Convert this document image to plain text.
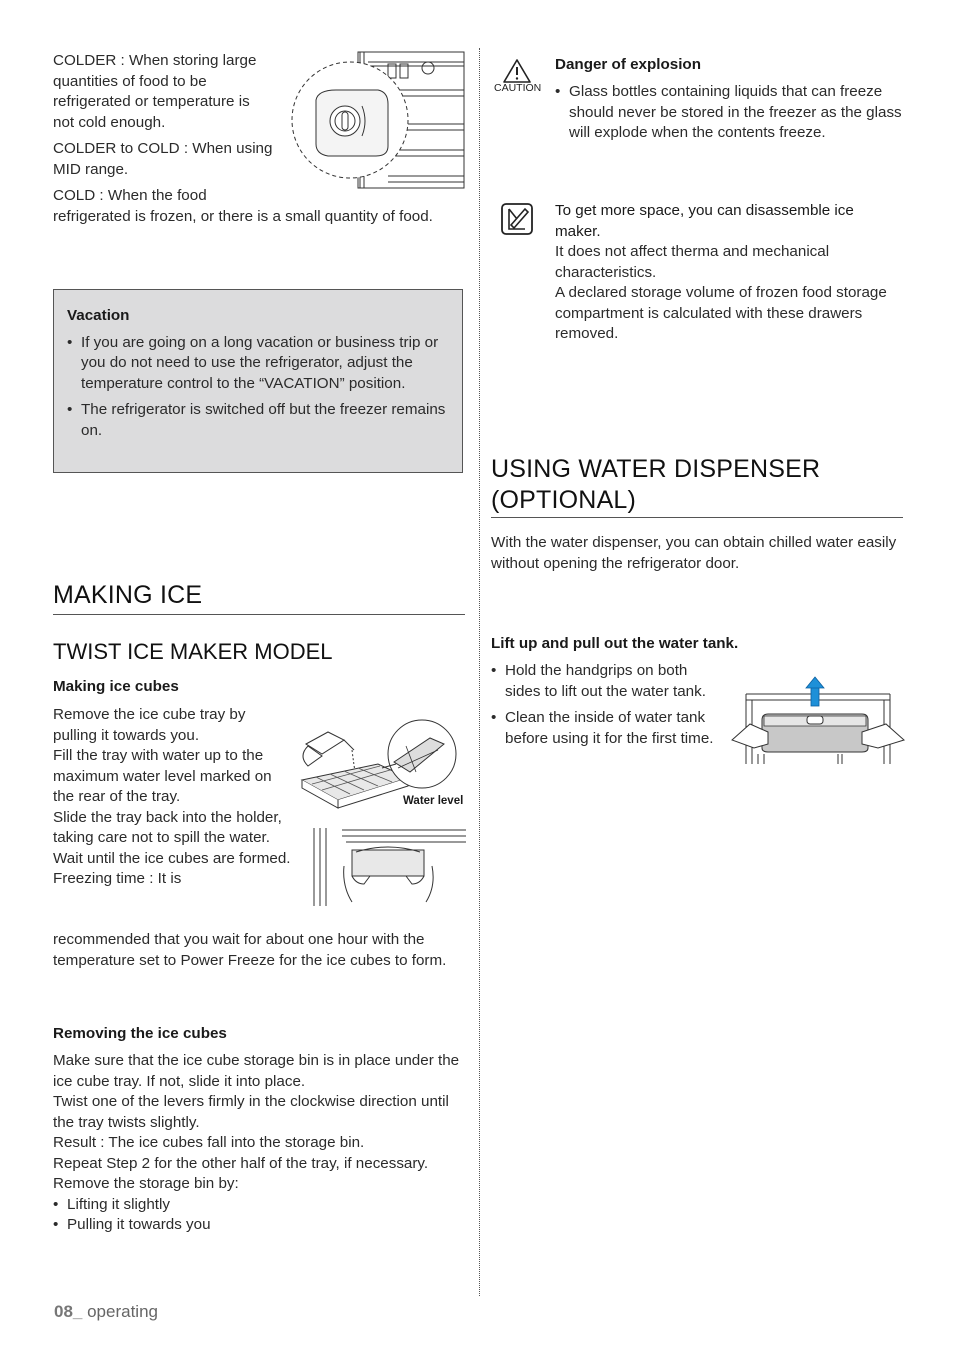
COLDER : When storing large quantities of food to be refrigerated or temperature is not cold enough.

COLDER to COLD : When using MID range.

COLD : When the food

refrigerated is frozen, or there is a small quantity of food.

Vacation

• If you are going on a long vacation or business trip or you do not need to use the refrigerator, adjust the temperature control to the “VACATION” position.

• The refrigerator is switched off but the freezer remains on.

MAKING ICE
TWIST ICE MAKER MODEL

Making ice cubes

Remove the ice cube tray by pulling it towards you.

Fill the tray with water up to the maximum water level marked on the rear of the tray.

Slide the tray back into the holder, taking care not to spill the water.

Wait until the ice cubes are formed.

Freezing time : It is

recommended that you wait for about one hour with the temperature set to Power Freeze for the ice cubes to form.

Water level

Removing the ice cubes

Make sure that the ice cube storage bin is in place under the ice cube tray. If not, slide it into place.

Twist one of the levers firmly in the clockwise direction until the tray twists slightly.

Result : The ice cubes fall into the storage bin.

Repeat Step 2 for the other half of the tray, if necessary.

Remove the storage bin by:

• Lifting it slightly

• Pulling it towards you

CAUTION

Danger of explosion

• Glass bottles containing liquids that can freeze should never be stored in the freezer as the glass will explode when the contents freeze.

To get more space, you can disassemble ice maker.

It does not affect therma and mechanical characteristics.

A declared storage volume of frozen food storage compartment is calculated with these drawers removed.

USING WATER DISPENSER
(OPTIONAL)

With the water dispenser, you can obtain chilled water easily without opening the refrigerator door.

Lift up and pull out the water tank.

• Hold the handgrips on both sides to lift out the water tank.

• Clean the inside of water tank before using it for the first time.

08_ operating
